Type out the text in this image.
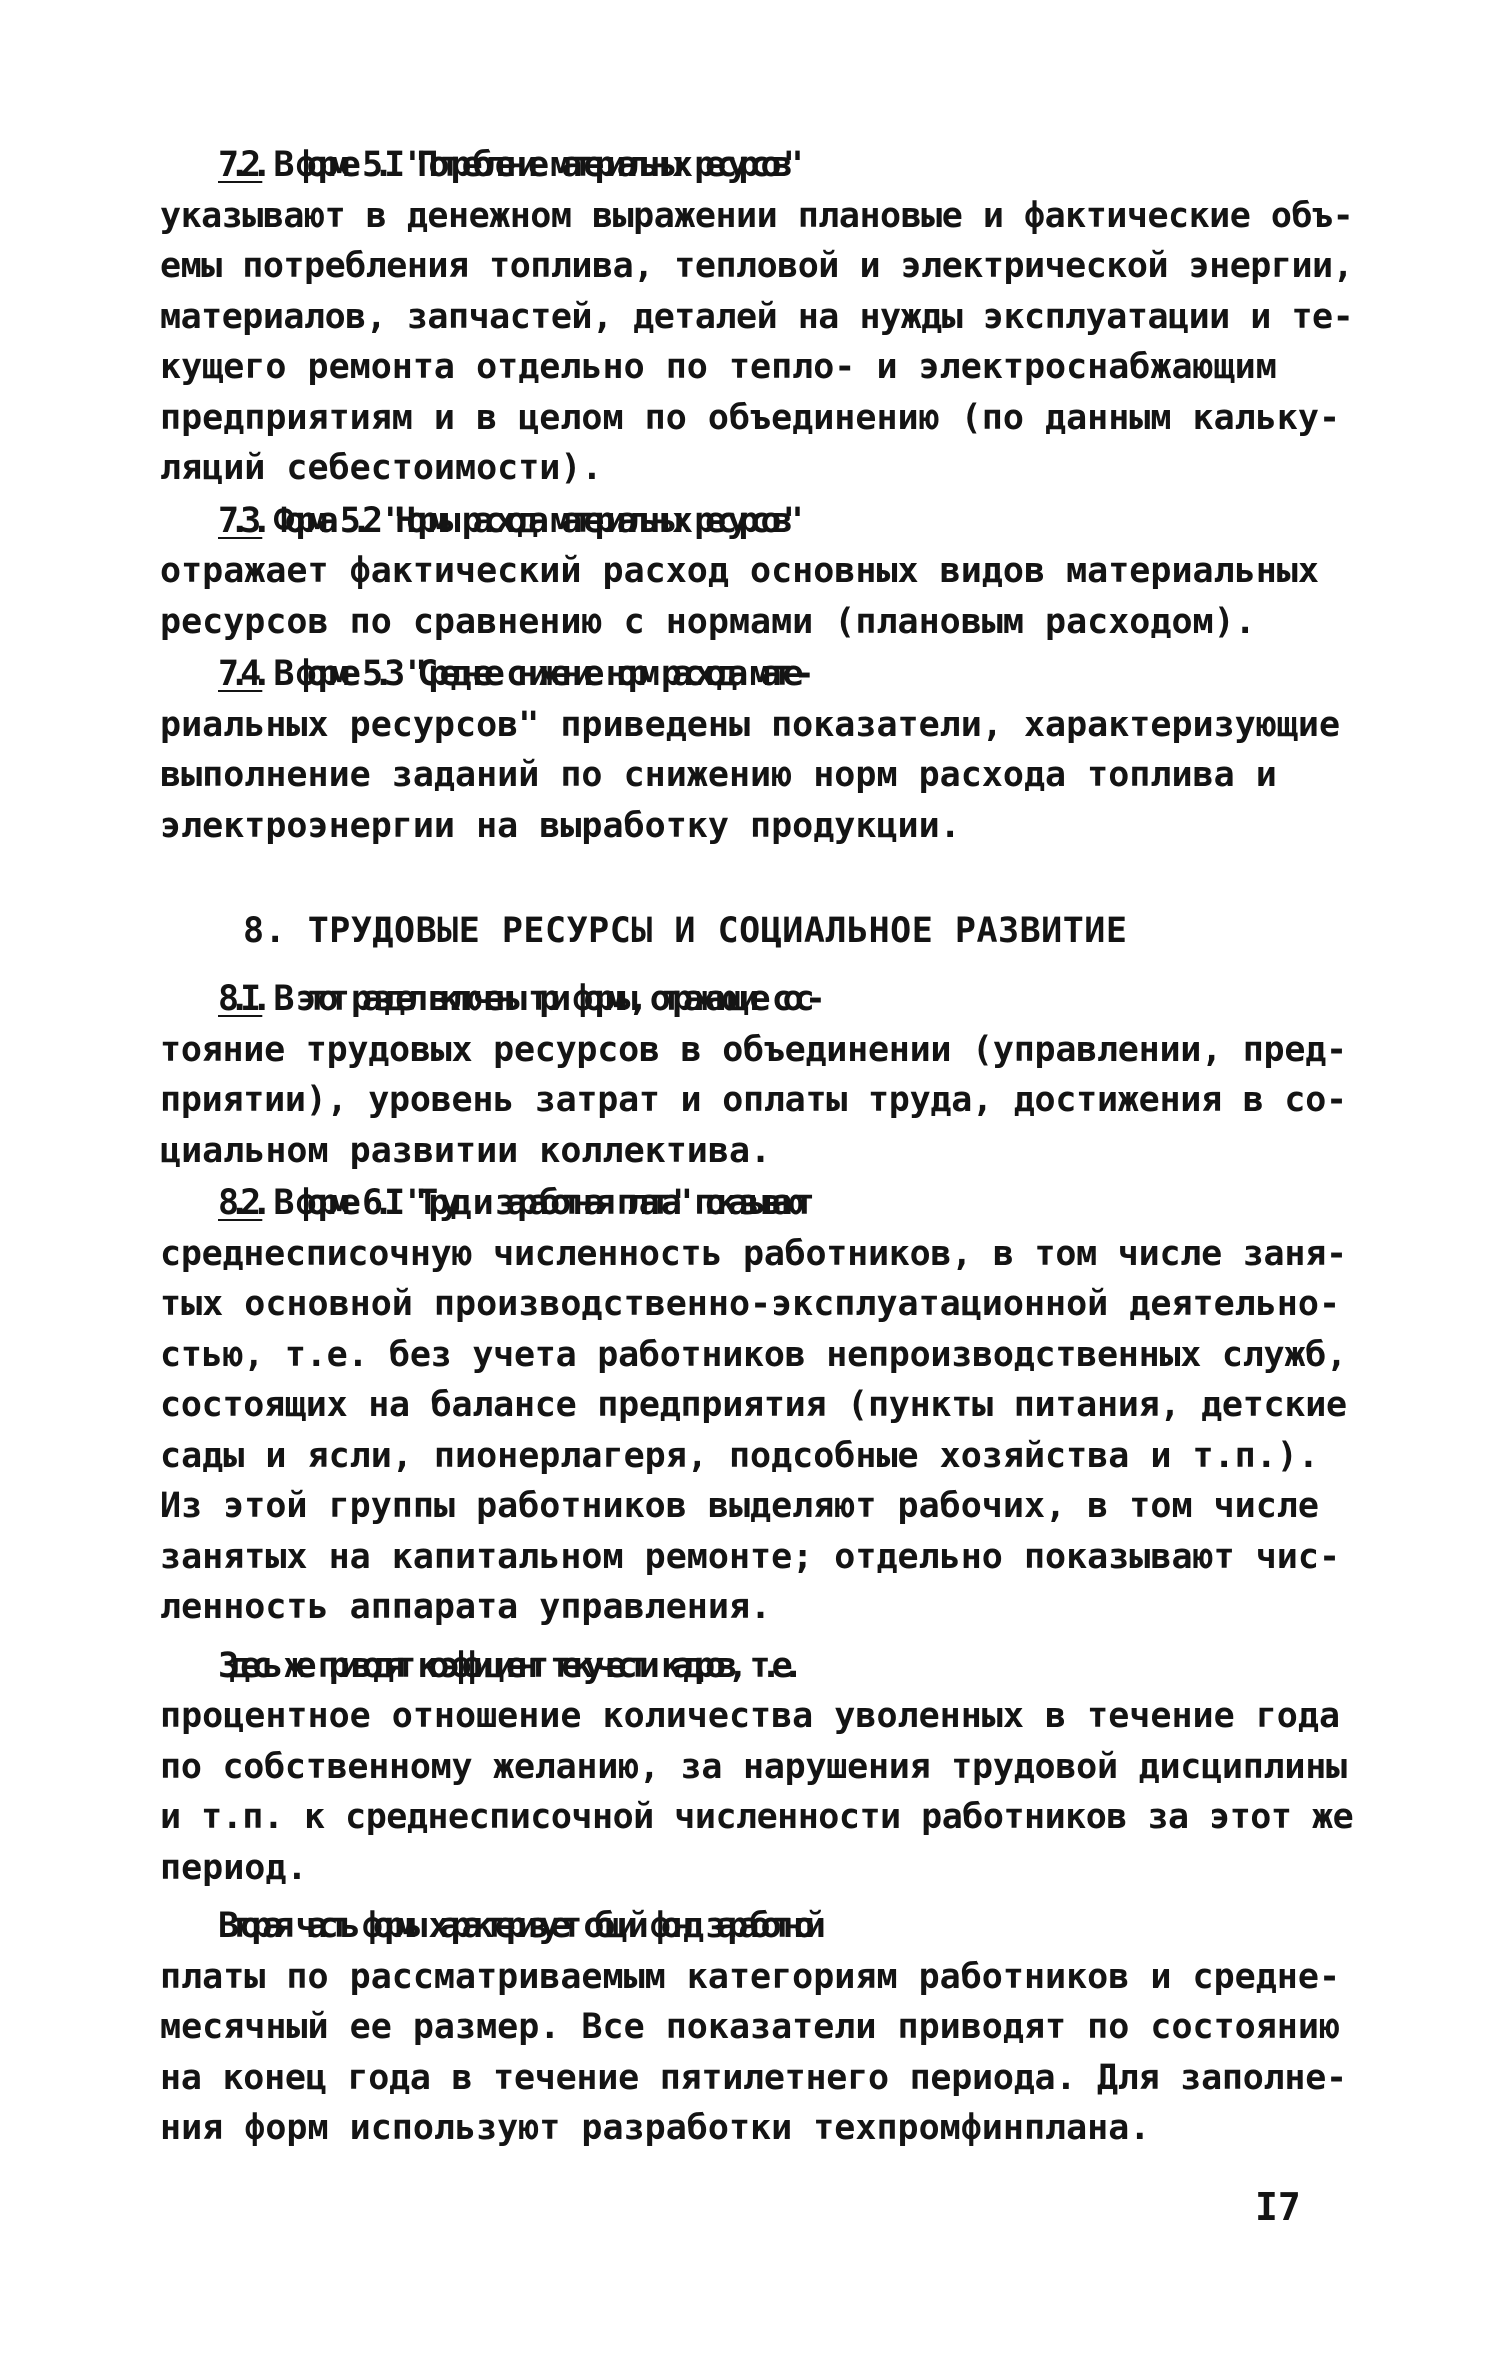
7.2. В форме 5.I "Потребление материальных ресурсов"
указывают в денежном выражении плановые и фактические объ-
емы потребления топлива, тепловой и электрической энергии,
материалов, запчастей, деталей на нужды эксплуатации и те-
кущего ремонта отдельно по тепло- и электроснабжающим
предприятиям и в целом по объединению (по данным кальку-
ляций себестоимости).

7.3. Форма 5.2 "Нормы расхода материальных ресурсов"
отражает фактический расход основных видов материальных
ресурсов по сравнению с нормами (плановым расходом).

7.4. В форме 5.3 "Среднее снижение норм расхода мате-
риальных ресурсов" приведены показатели, характеризующие
выполнение заданий по снижению норм расхода топлива и
электроэнергии на выработку продукции.

8. ТРУДОВЫЕ РЕСУРСЫ И СОЦИАЛЬНОЕ РАЗВИТИЕ

8.I. В этот раздел включены три формы, отражающие сос-
тояние трудовых ресурсов в объединении (управлении, пред-
приятии), уровень затрат и оплаты труда, достижения в со-
циальном развитии коллектива.

8.2. В форме 6.I "Труд и заработная плата" показывают
среднесписочную численность работников, в том числе заня-
тых основной производственно-эксплуатационной деятельно-
стью, т.е. без учета работников непроизводственных служб,
состоящих на балансе предприятия (пункты питания, детские
сады и ясли, пионерлагеря, подсобные хозяйства и т.п.).
Из этой группы работников выделяют рабочих, в том числе
занятых на капитальном ремонте; отдельно показывают чис-
ленность аппарата управления.

Здесь же приводят коэффициент текучести кадров, т.е.
процентное отношение количества уволенных в течение года
по собственному желанию, за нарушения трудовой дисциплины
и т.п. к среднесписочной численности работников за этот же
период.

Вторая часть формы характеризует общий фонд заработной
платы по рассматриваемым категориям работников и средне-
месячный ее размер. Все показатели приводят по состоянию
на конец года в течение пятилетнего периода. Для заполне-
ния форм используют разработки техпромфинплана.

I7
